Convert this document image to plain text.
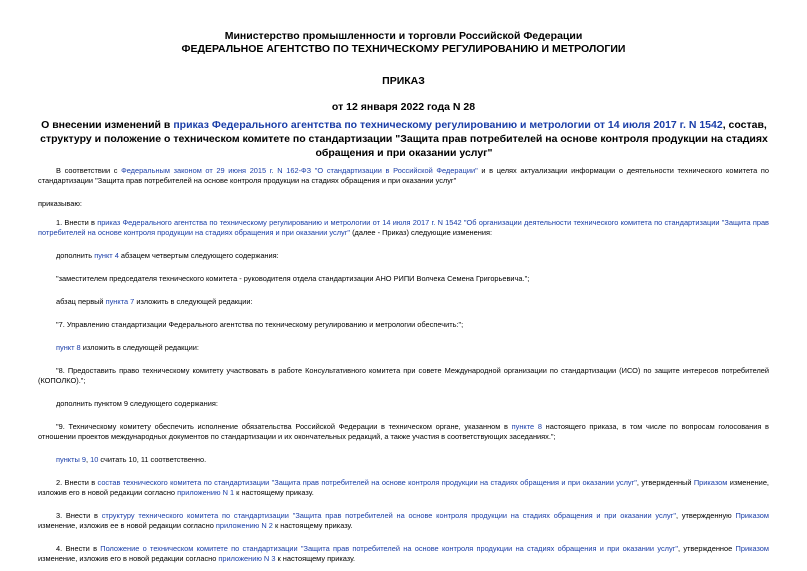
Министерство промышленности и торговли Российской Федерации
ФЕДЕРАЛЬНОЕ АГЕНТСТВО ПО ТЕХНИЧЕСКОМУ РЕГУЛИРОВАНИЮ И МЕТРОЛОГИИ
ПРИКАЗ
от 12 января 2022 года N 28
О внесении изменений в приказ Федерального агентства по техническому регулированию и метрологии от 14 июля 2017 г. N 1542, состав, структуру и положение о техническом комитете по стандартизации "Защита прав потребителей на основе контроля продукции на стадиях обращения и при оказании услуг"

В соответствии с Федеральным законом от 29 июня 2015 г. N 162-ФЗ "О стандартизации в Российской Федерации" и в целях актуализации информации о деятельности технического комитета по стандартизации "Защита прав потребителей на основе контроля продукции на стадиях обращения и при оказании услуг"

приказываю:

1. Внести в приказ Федерального агентства по техническому регулированию и метрологии от 14 июля 2017 г. N 1542 "Об организации деятельности технического комитета по стандартизации "Защита прав потребителей на основе контроля продукции на стадиях обращения и при оказании услуг" (далее - Приказ) следующие изменения:

дополнить пункт 4 абзацем четвертым следующего содержания:

"заместителем председателя технического комитета - руководителя отдела стандартизации АНО РИПИ Волчека Семена Григорьевича.";

абзац первый пункта 7 изложить в следующей редакции:

"7. Управлению стандартизации Федерального агентства по техническому регулированию и метрологии обеспечить:";

пункт 8 изложить в следующей редакции:

"8. Предоставить право техническому комитету участвовать в работе Консультативного комитета при совете Международной организации по стандартизации (ИСО) по защите интересов потребителей (КОПОЛКО).";

дополнить пунктом 9 следующего содержания:

"9. Техническому комитету обеспечить исполнение обязательства Российской Федерации в техническом органе, указанном в пункте 8 настоящего приказа, в том числе по вопросам голосования в отношении проектов международных документов по стандартизации и их окончательных редакций, а также участия в соответствующих заседаниях.";

пункты 9, 10 считать 10, 11 соответственно.

2. Внести в состав технического комитета по стандартизации "Защита прав потребителей на основе контроля продукции на стадиях обращения и при оказании услуг", утвержденный Приказом изменение, изложив его в новой редакции согласно приложению N 1 к настоящему приказу.

3. Внести в структуру технического комитета по стандартизации "Защита прав потребителей на основе контроля продукции на стадиях обращения и при оказании услуг", утвержденную Приказом изменение, изложив ее в новой редакции согласно приложению N 2 к настоящему приказу.

4. Внести в Положение о техническом комитете по стандартизации "Защита прав потребителей на основе контроля продукции на стадиях обращения и при оказании услуг", утвержденное Приказом изменение, изложив его в новой редакции согласно приложению N 3 к настоящему приказу.
